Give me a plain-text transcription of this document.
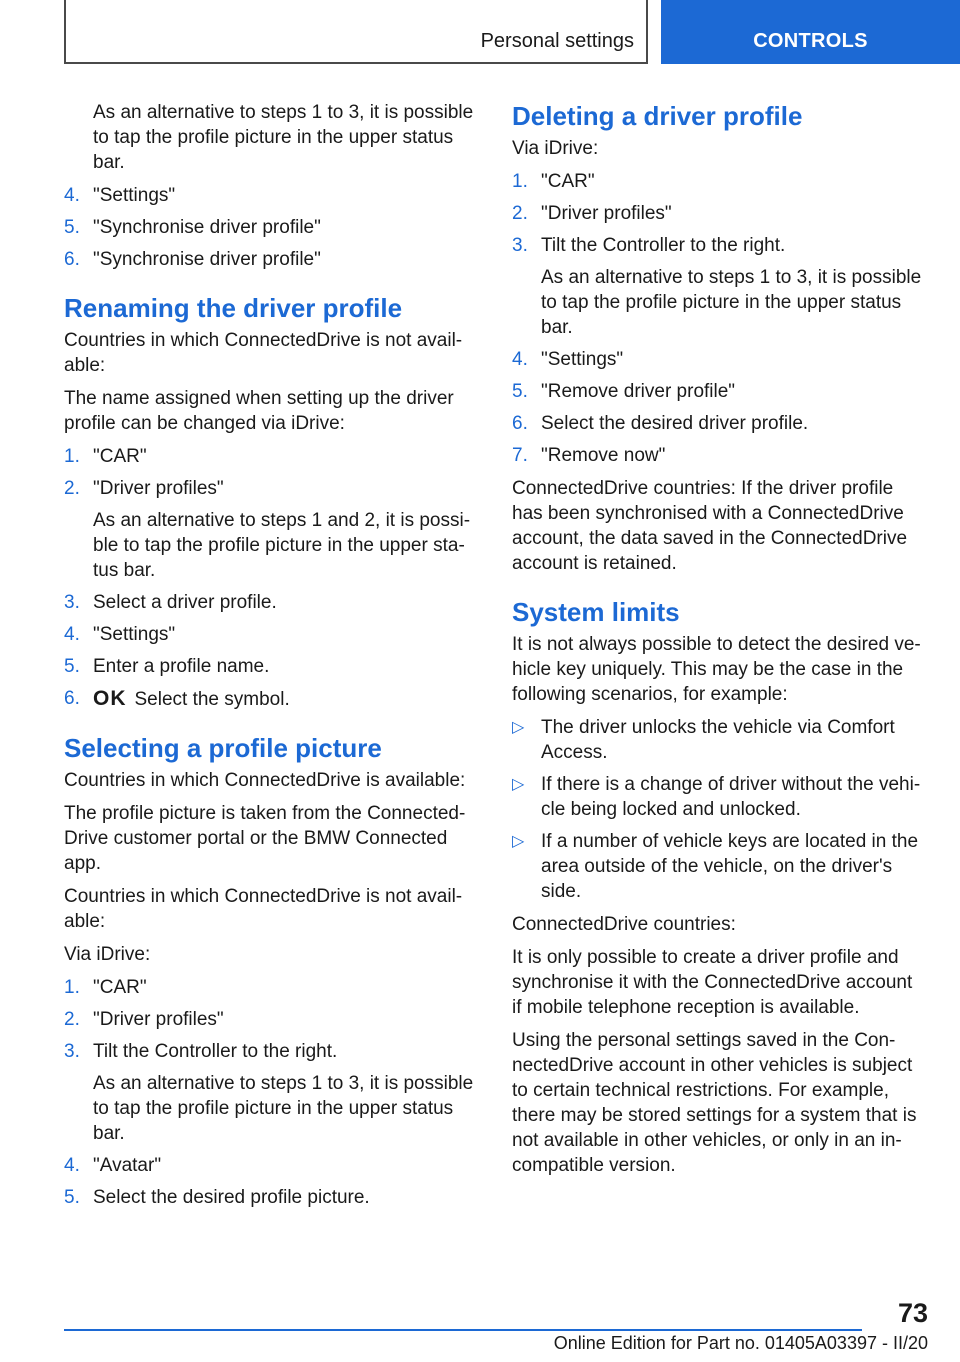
Personal settings	CONTROLS

As an alternative to steps 1 to 3, it is possible to tap the profile picture in the upper status bar.

4. "Settings"
5. "Synchronise driver profile"
6. "Synchronise driver profile"
Renaming the driver profile

Countries in which ConnectedDrive is not avail‐able:

The name assigned when setting up the driver profile can be changed via iDrive:

1. "CAR"
2. "Driver profiles"
As an alternative to steps 1 and 2, it is possi‐ble to tap the profile picture in the upper sta‐tus bar.
3. Select a driver profile.
4. "Settings"
5. Enter a profile name.
6. OK Select the symbol.
Selecting a profile picture

Countries in which ConnectedDrive is available:

The profile picture is taken from the Connected‐Drive customer portal or the BMW Connected app.

Countries in which ConnectedDrive is not avail‐able:

Via iDrive:

1. "CAR"
2. "Driver profiles"
3. Tilt the Controller to the right.
As an alternative to steps 1 to 3, it is possible to tap the profile picture in the upper status bar.
4. "Avatar"
5. Select the desired profile picture.
Deleting a driver profile

Via iDrive:

1. "CAR"
2. "Driver profiles"
3. Tilt the Controller to the right.
As an alternative to steps 1 to 3, it is possible to tap the profile picture in the upper status bar.
4. "Settings"
5. "Remove driver profile"
6. Select the desired driver profile.
7. "Remove now"

ConnectedDrive countries: If the driver profile has been synchronised with a ConnectedDrive account, the data saved in the ConnectedDrive account is retained.

System limits

It is not always possible to detect the desired ve‐hicle key uniquely. This may be the case in the following scenarios, for example:

▷ The driver unlocks the vehicle via Comfort Access.
▷ If there is a change of driver without the vehi‐cle being locked and unlocked.
▷ If a number of vehicle keys are located in the area outside of the vehicle, on the driver's side.

ConnectedDrive countries:

It is only possible to create a driver profile and synchronise it with the ConnectedDrive account if mobile telephone reception is available.

Using the personal settings saved in the Con‐nectedDrive account in other vehicles is subject to certain technical restrictions. For example, there may be stored settings for a system that is not available in other vehicles, or only in an in‐compatible version.

73
Online Edition for Part no. 01405A03397 - II/20
